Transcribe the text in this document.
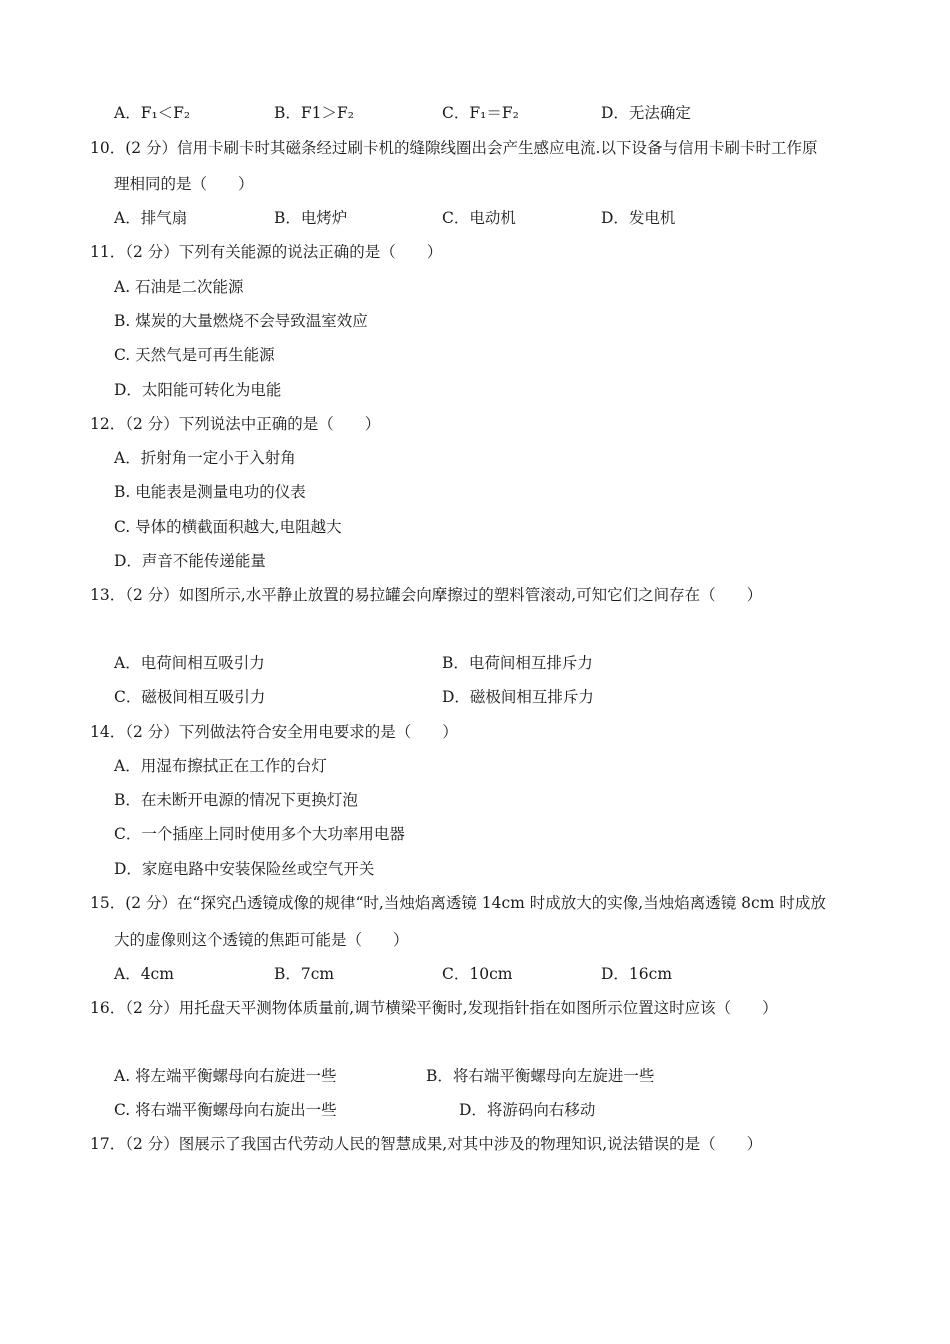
A．F₁＜F₂	B．F1＞F₂	C．F₁＝F₂	D．无法确定
10．(2 分）信用卡刷卡时其磁条经过刷卡机的缝隙线圈出会产生感应电流.以下设备与信用卡刷卡时工作原
理相同的是（　　）
A．排气扇	B．电烤炉	C．电动机	D．发电机
11．（2 分）下列有关能源的说法正确的是（　　）
A. 石油是二次能源
B. 煤炭的大量燃烧不会导致温室效应
C. 天然气是可再生能源
D．太阳能可转化为电能
12．（2 分）下列说法中正确的是（　　）
A．折射角一定小于入射角
B. 电能表是测量电功的仪表
C. 导体的横截面积越大,电阻越大
D．声音不能传递能量
13．（2 分）如图所示,水平静止放置的易拉罐会向摩擦过的塑料管滚动,可知它们之间存在（　　）
A．电荷间相互吸引力	B．电荷间相互排斥力
C．磁极间相互吸引力	D．磁极间相互排斥力
14．（2 分）下列做法符合安全用电要求的是（　　）
A．用湿布擦拭正在工作的台灯
B．在未断开电源的情况下更换灯泡
C．一个插座上同时使用多个大功率用电器
D．家庭电路中安装保险丝或空气开关
15．(2 分）在“探究凸透镜成像的规律“时,当烛焰离透镜 14cm 时成放大的实像,当烛焰离透镜 8cm 时成放
大的虚像则这个透镜的焦距可能是（　　）
A．4cm	B．7cm	C．10cm	D．16cm
16．（2 分）用托盘天平测物体质量前,调节横梁平衡时,发现指针指在如图所示位置这时应该（　　）
A. 将左端平衡螺母向右旋进一些	B．将右端平衡螺母向左旋进一些
C. 将右端平衡螺母向右旋出一些	D．将游码向右移动
17．（2 分）图展示了我国古代劳动人民的智慧成果,对其中涉及的物理知识,说法错误的是（　　）
